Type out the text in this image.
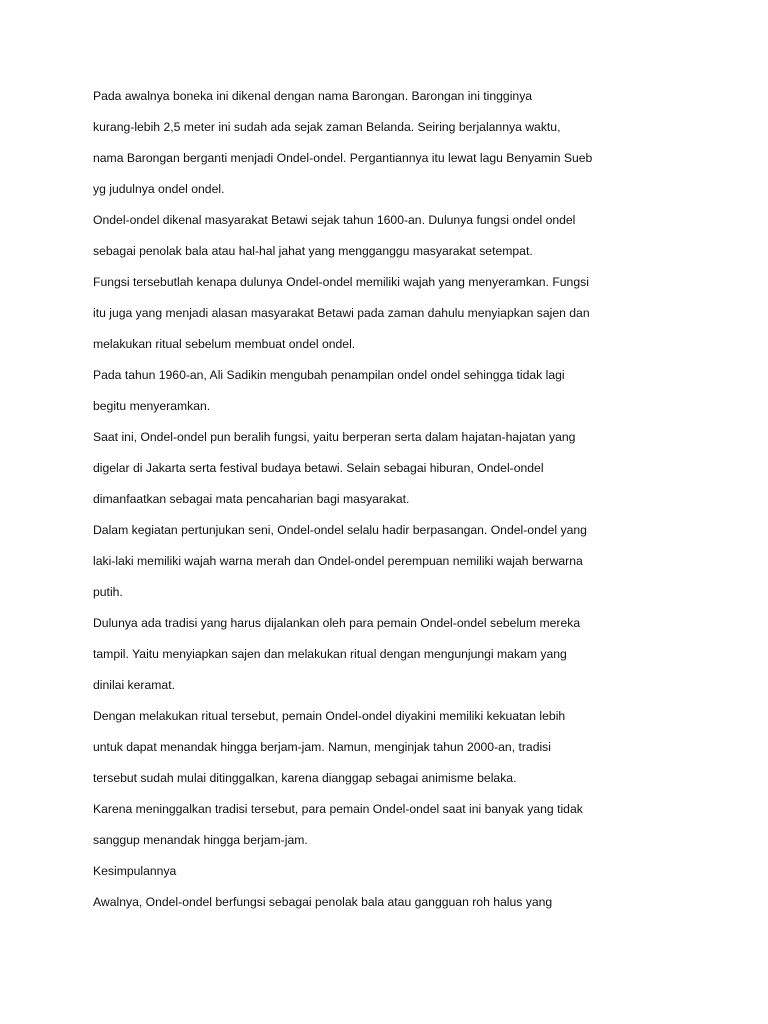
Pada awalnya boneka ini dikenal dengan nama Barongan. Barongan ini tingginya
kurang-lebih 2,5 meter ini sudah ada sejak zaman Belanda. Seiring berjalannya waktu,
nama Barongan berganti menjadi Ondel-ondel. Pergantiannya itu lewat lagu Benyamin Sueb
yg judulnya ondel ondel.
Ondel-ondel dikenal masyarakat Betawi sejak tahun 1600-an. Dulunya fungsi ondel ondel
sebagai penolak bala atau hal-hal jahat yang mengganggu masyarakat setempat.
Fungsi tersebutlah kenapa dulunya Ondel-ondel memiliki wajah yang menyeramkan. Fungsi
itu juga yang menjadi alasan masyarakat Betawi pada zaman dahulu menyiapkan sajen dan
melakukan ritual sebelum membuat ondel ondel.
Pada tahun 1960-an, Ali Sadikin mengubah penampilan ondel ondel sehingga tidak lagi
begitu menyeramkan.
Saat ini, Ondel-ondel pun beralih fungsi, yaitu berperan serta dalam hajatan-hajatan yang
digelar di Jakarta serta festival budaya betawi. Selain sebagai hiburan, Ondel-ondel
dimanfaatkan sebagai mata pencaharian bagi masyarakat.
Dalam kegiatan pertunjukan seni, Ondel-ondel selalu hadir berpasangan. Ondel-ondel yang
laki-laki memiliki wajah warna merah dan Ondel-ondel perempuan nemiliki wajah berwarna
putih.
Dulunya ada tradisi yang harus dijalankan oleh para pemain Ondel-ondel sebelum mereka
tampil. Yaitu menyiapkan sajen dan melakukan ritual dengan mengunjungi makam yang
dinilai keramat.
Dengan melakukan ritual tersebut, pemain Ondel-ondel diyakini memiliki kekuatan lebih
untuk dapat menandak hingga berjam-jam. Namun, menginjak tahun 2000-an, tradisi
tersebut sudah mulai ditinggalkan, karena dianggap sebagai animisme belaka.
Karena meninggalkan tradisi tersebut, para pemain Ondel-ondel saat ini banyak yang tidak
sanggup menandak hingga berjam-jam.
Kesimpulannya
Awalnya, Ondel-ondel berfungsi sebagai penolak bala atau gangguan roh halus yang
